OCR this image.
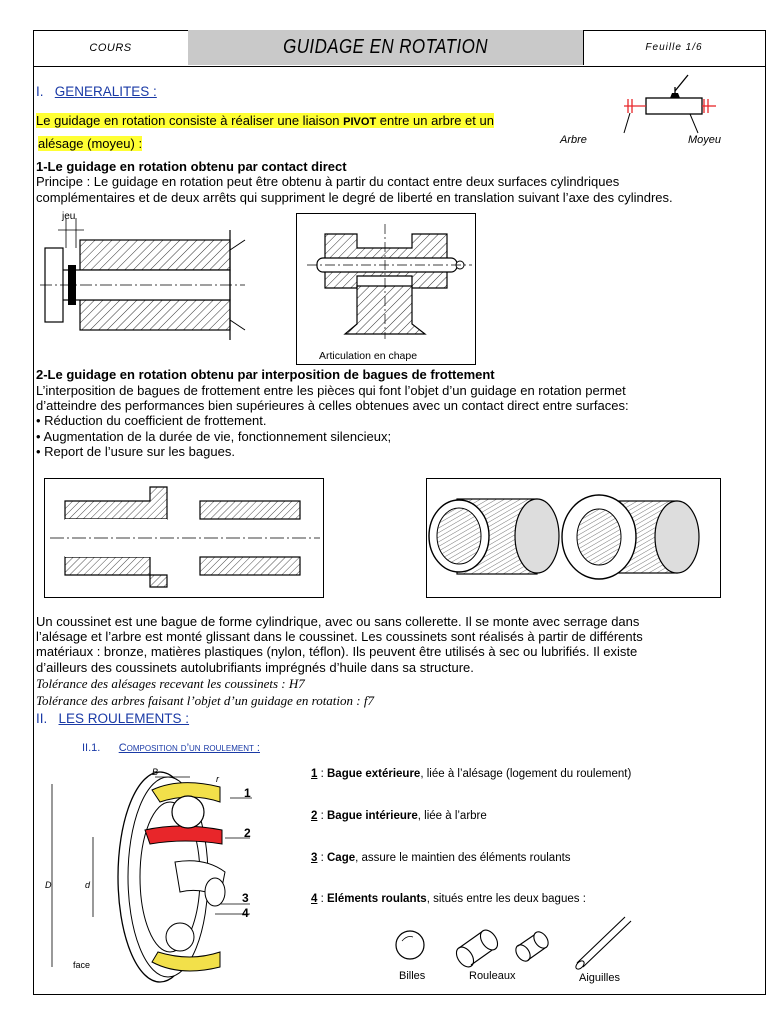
COURS	GUIDAGE EN ROTATION	Feuille 1/6
I. GENERALITES :
Le guidage en rotation consiste à réaliser une liaison PIVOT entre un arbre et un
alésage (moyeu) :	Arbre	Moyeu
1-Le guidage en rotation obtenu par contact direct
Principe : Le guidage en rotation peut être obtenu à partir du contact entre deux surfaces cylindriques
complémentaires et de deux arrêts qui suppriment le degré de liberté en translation suivant l’axe des cylindres.
jeu
Articulation en chape
2-Le guidage en rotation obtenu par interposition de bagues de frottement
L’interposition de bagues de frottement entre les pièces qui font l’objet d’un guidage en rotation permet
d’atteindre des performances bien supérieures à celles obtenues avec un contact direct entre surfaces:
• Réduction du coefficient de frottement.
• Augmentation de la durée de vie, fonctionnement silencieux;
• Report de l’usure sur les bagues.
Un coussinet est une bague de forme cylindrique, avec ou sans collerette. Il se monte avec serrage dans
l’alésage et l’arbre est monté glissant dans le coussinet. Les coussinets sont réalisés à partir de différents
matériaux : bronze, matières plastiques (nylon, téflon). Ils peuvent être utilisés à sec ou lubrifiés. Il existe
d’ailleurs des coussinets autolubrifiants imprégnés d’huile dans sa structure.
Tolérance des alésages recevant les coussinets : H7
Tolérance des arbres faisant l’objet d’un guidage en rotation : f7
II. LES ROULEMENTS :
II.1. Composition d’un roulement :
B
r
D	d
face
1
2
3
4
1 : Bague extérieure, liée à l’alésage (logement du roulement)
2 : Bague intérieure, liée à l’arbre
3 : Cage, assure le maintien des éléments roulants
4 : Eléments roulants, situés entre les deux bagues :
Billes	Rouleaux	Aiguilles
